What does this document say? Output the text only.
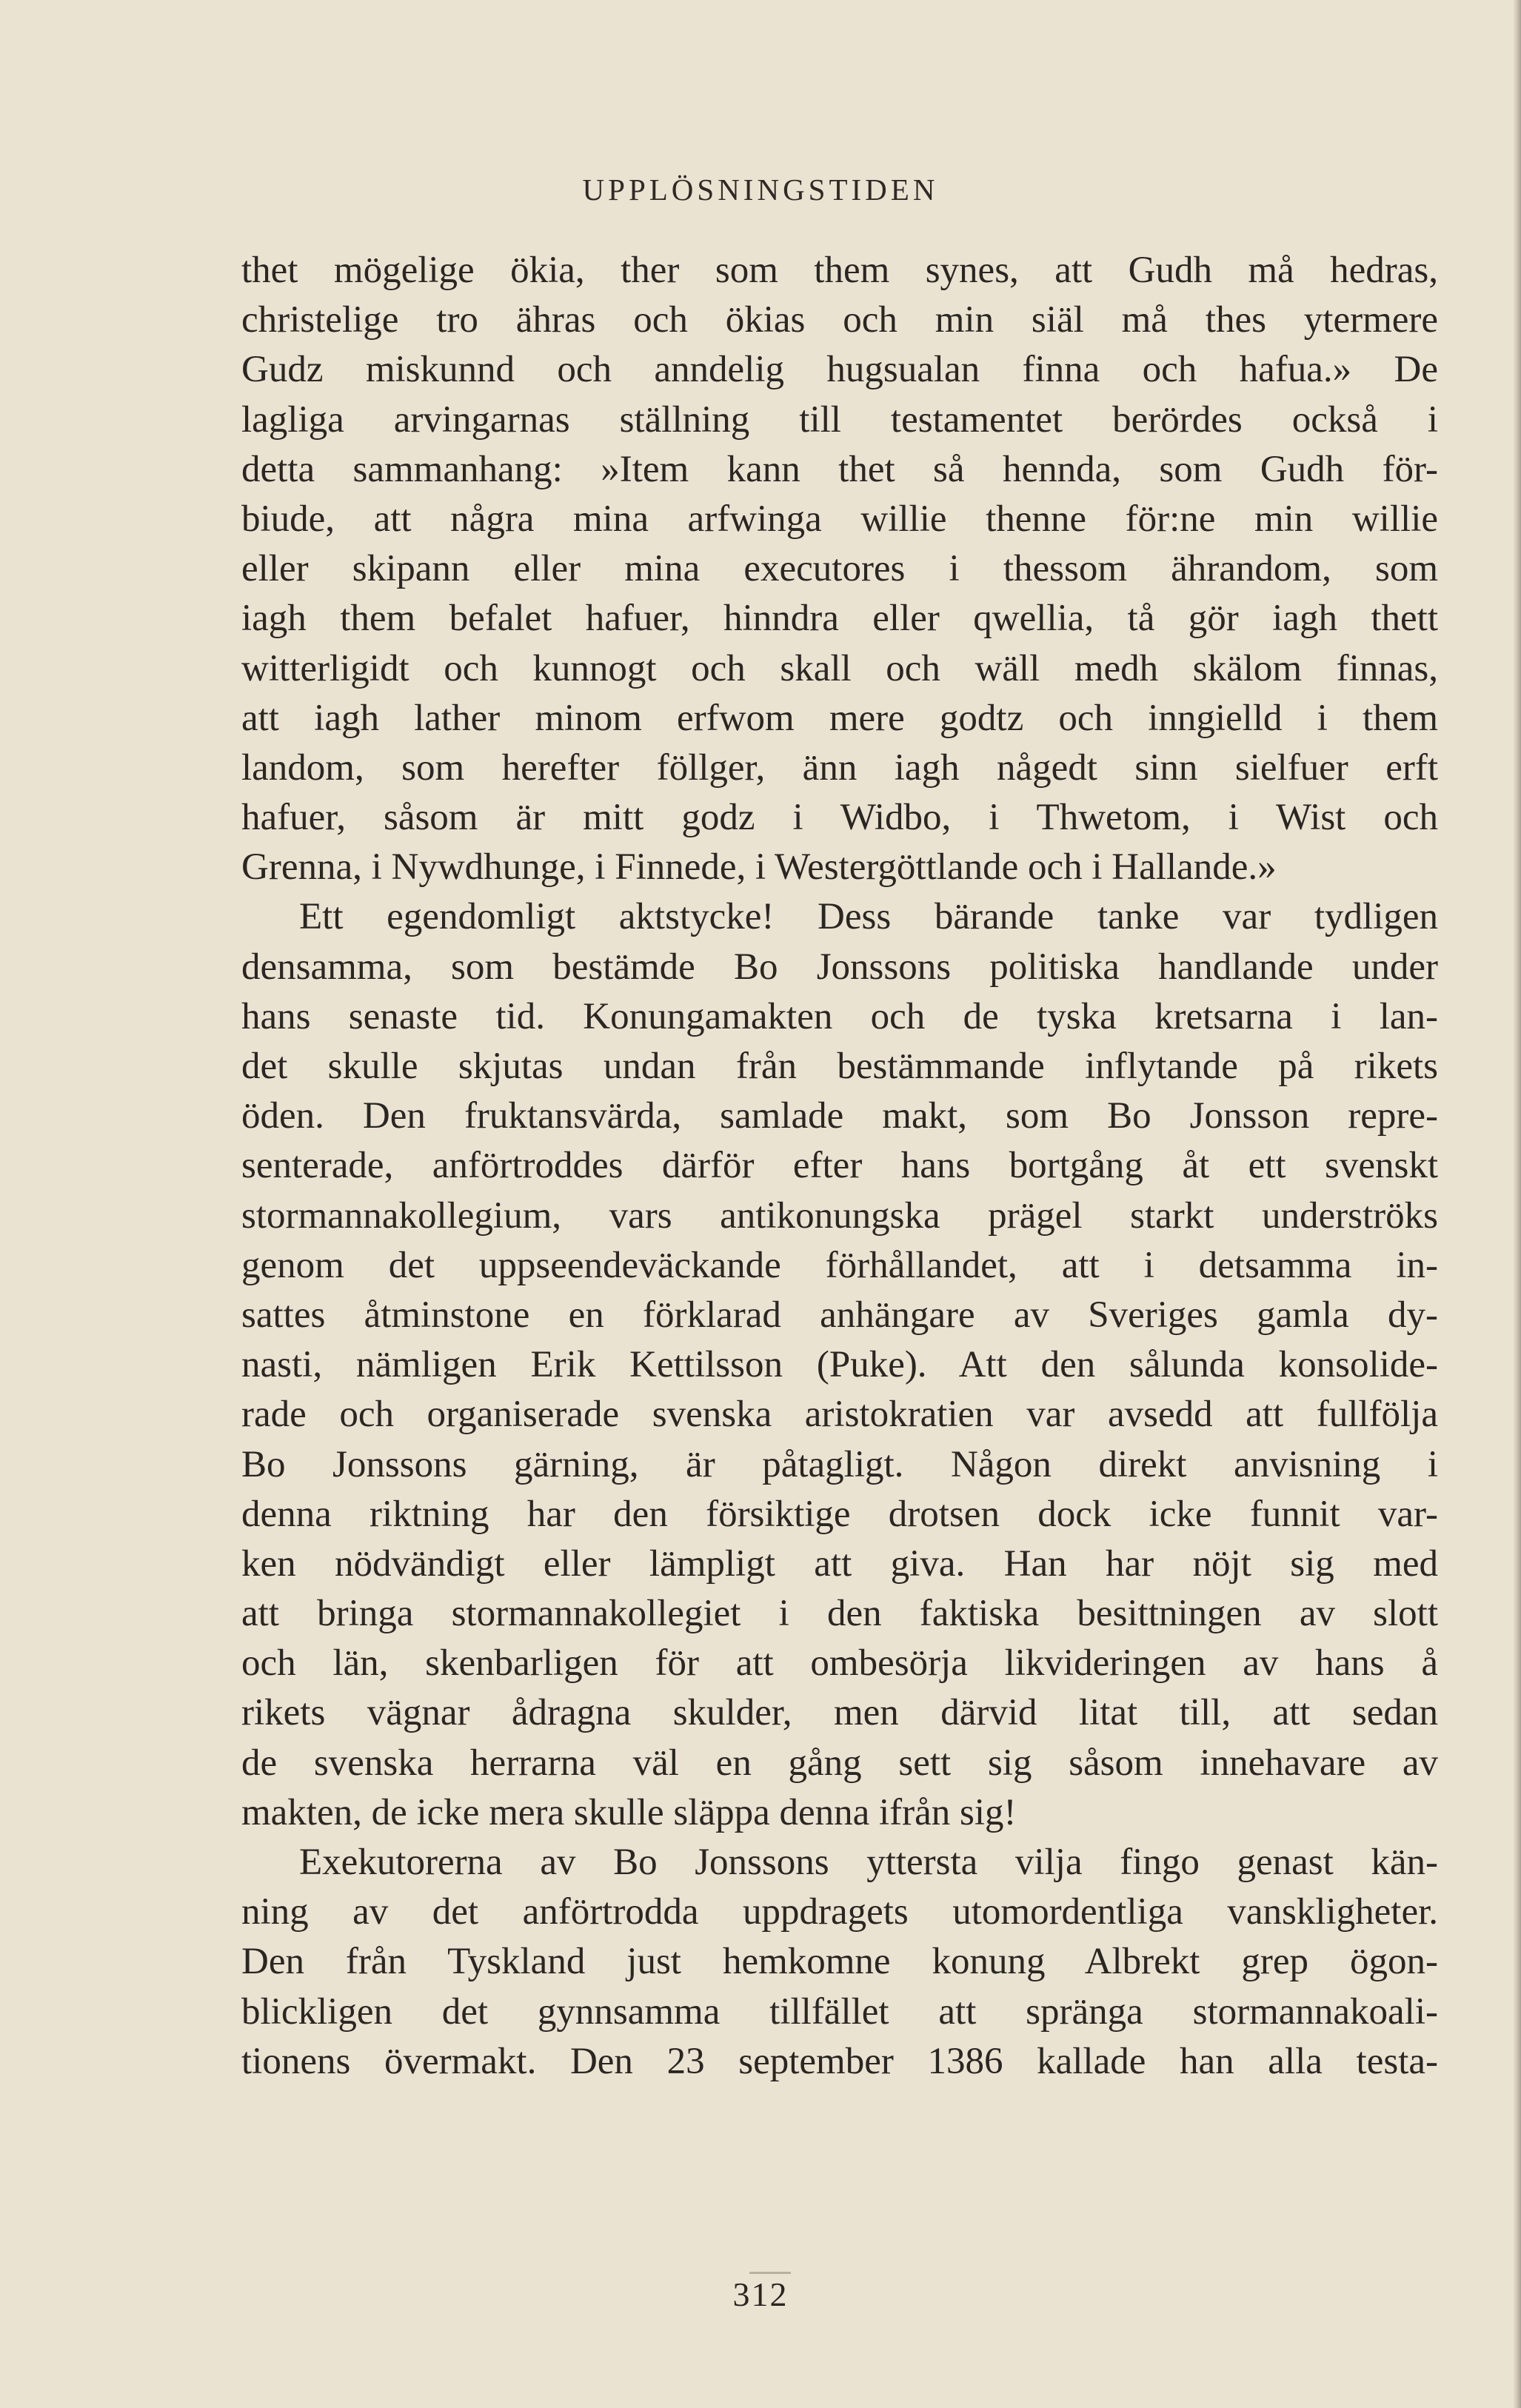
UPPLÖSNINGSTIDEN
thet mögelige ökia, ther som them synes, att Gudh må hedras,
christelige tro ähras och ökias och min siäl må thes ytermere
Gudz miskunnd och anndelig hugsualan finna och hafua.» De
lagliga arvingarnas ställning till testamentet berördes också i
detta sammanhang: »Item kann thet så hennda, som Gudh för-
biude, att några mina arfwinga willie thenne för:ne min willie
eller skipann eller mina executores i thessom ährandom, som
iagh them befalet hafuer, hinndra eller qwellia, tå gör iagh thett
witterligidt och kunnogt och skall och wäll medh skälom finnas,
att iagh lather minom erfwom mere godtz och inngielld i them
landom, som herefter föllger, änn iagh någedt sinn sielfuer erft
hafuer, såsom är mitt godz i Widbo, i Thwetom, i Wist och
Grenna, i Nywdhunge, i Finnede, i Westergöttlande och i Hallande.»
Ett egendomligt aktstycke! Dess bärande tanke var tydligen
densamma, som bestämde Bo Jonssons politiska handlande under
hans senaste tid. Konungamakten och de tyska kretsarna i lan-
det skulle skjutas undan från bestämmande inflytande på rikets
öden. Den fruktansvärda, samlade makt, som Bo Jonsson repre-
senterade, anförtroddes därför efter hans bortgång åt ett svenskt
stormannakollegium, vars antikonungska prägel starkt underströks
genom det uppseendeväckande förhållandet, att i detsamma in-
sattes åtminstone en förklarad anhängare av Sveriges gamla dy-
nasti, nämligen Erik Kettilsson (Puke). Att den sålunda konsolide-
rade och organiserade svenska aristokratien var avsedd att fullfölja
Bo Jonssons gärning, är påtagligt. Någon direkt anvisning i
denna riktning har den försiktige drotsen dock icke funnit var-
ken nödvändigt eller lämpligt att giva. Han har nöjt sig med
att bringa stormannakollegiet i den faktiska besittningen av slott
och län, skenbarligen för att ombesörja likvideringen av hans å
rikets vägnar ådragna skulder, men därvid litat till, att sedan
de svenska herrarna väl en gång sett sig såsom innehavare av
makten, de icke mera skulle släppa denna ifrån sig!
Exekutorerna av Bo Jonssons yttersta vilja fingo genast kän-
ning av det anförtrodda uppdragets utomordentliga vanskligheter.
Den från Tyskland just hemkomne konung Albrekt grep ögon-
blickligen det gynnsamma tillfället att spränga stormannakoali-
tionens övermakt. Den 23 september 1386 kallade han alla testa-
312
